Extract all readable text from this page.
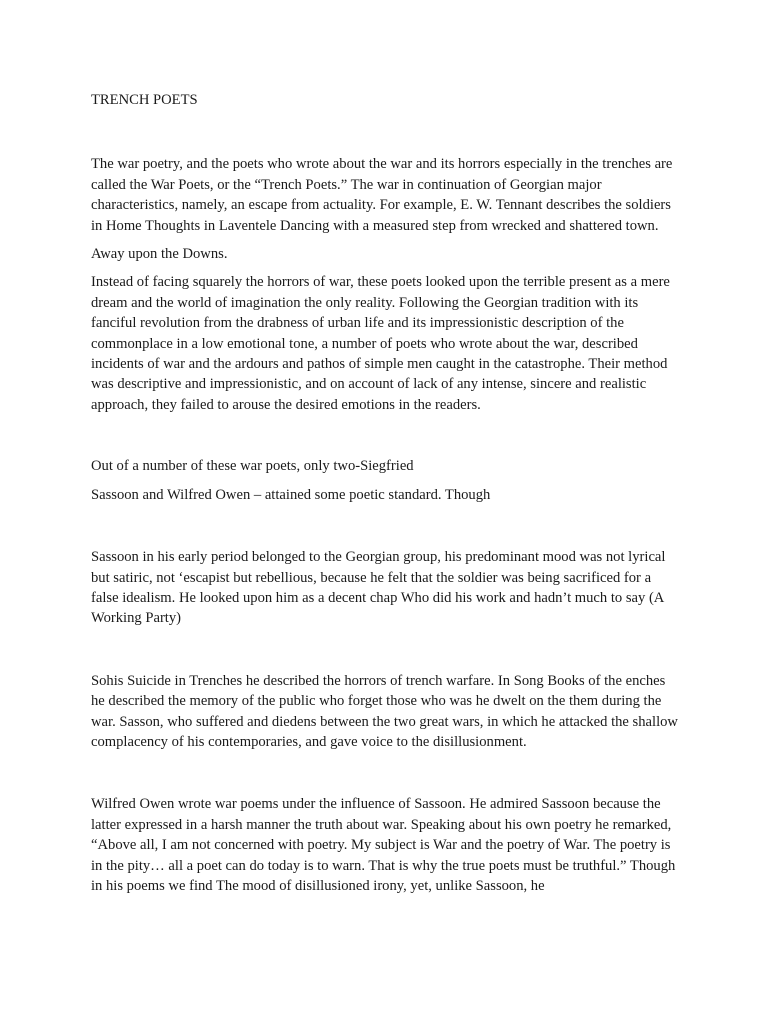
TRENCH POETS

The war poetry, and the poets who wrote about the war and its horrors especially in the trenches are called the War Poets, or the “Trench Poets.” The war in continuation of Georgian major characteristics, namely, an escape from actuality. For example, E. W. Tennant describes the soldiers in Home Thoughts in Laventele Dancing with a measured step from wrecked and shattered town.

Away upon the Downs.

Instead of facing squarely the horrors of war, these poets looked upon the terrible present as a mere dream and the world of imagination the only reality. Following the Georgian tradition with its fanciful revolution from the drabness of urban life and its impressionistic description of the commonplace in a low emotional tone, a number of poets who wrote about the war, described incidents of war and the ardours and pathos of simple men caught in the catastrophe. Their method was descriptive and impressionistic, and on account of lack of any intense, sincere and realistic approach, they failed to arouse the desired emotions in the readers.

Out of a number of these war poets, only two-Siegfried

Sassoon and Wilfred Owen – attained some poetic standard. Though

Sassoon in his early period belonged to the Georgian group, his predominant mood was not lyrical but satiric, not ‘escapist but rebellious, because he felt that the soldier was being sacrificed for a false idealism. He looked upon him as a decent chap Who did his work and hadn’t much to say (A Working Party)

Sohis Suicide in Trenches he described the horrors of trench warfare. In Song Books of the enches he described the memory of the public who forget those who was he dwelt on the them during the war. Sasson, who suffered and diedens between the two great wars, in which he attacked the shallow complacency of his contemporaries, and gave voice to the disillusionment.

Wilfred Owen wrote war poems under the influence of Sassoon. He admired Sassoon because the latter expressed in a harsh manner the truth about war. Speaking about his own poetry he remarked, “Above all, I am not concerned with poetry. My subject is War and the poetry of War. The poetry is in the pity… all a poet can do today is to warn. That is why the true poets must be truthful.” Though in his poems we find The mood of disillusioned irony, yet, unlike Sassoon, he
